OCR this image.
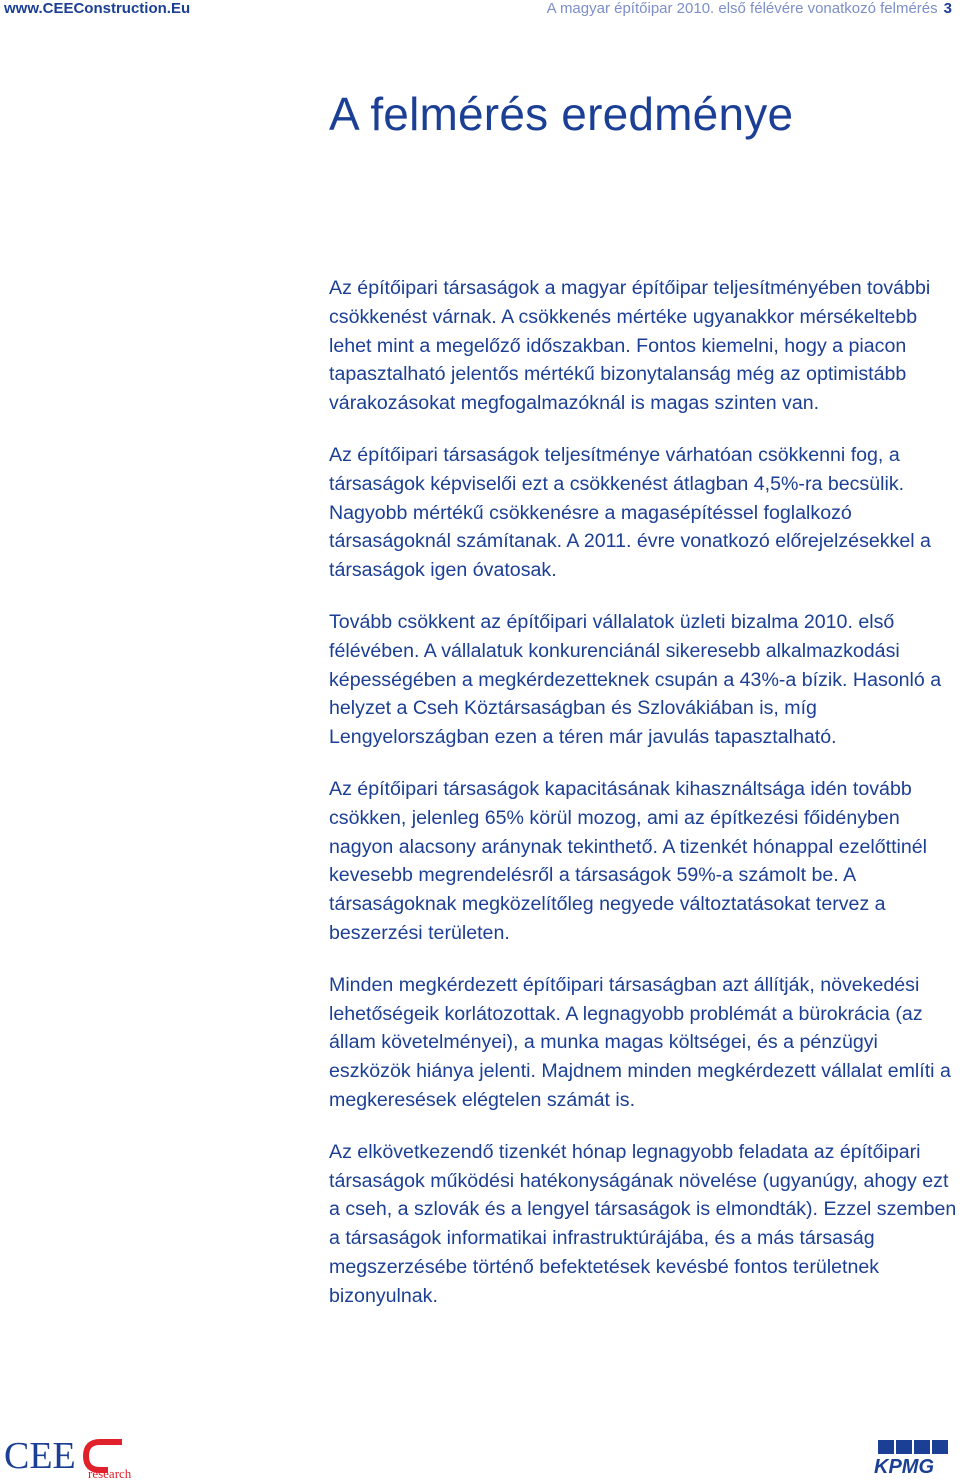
www.CEEConstruction.Eu	A magyar építőipar 2010. első félévére vonatkozó felmérés 3
A felmérés eredménye

Az építőipari társaságok a magyar építőipar teljesítményében további csökkenést várnak. A csökkenés mértéke ugyanakkor mérsékeltebb lehet mint a megelőző időszakban. Fontos kiemelni, hogy a piacon tapasztalható jelentős mértékű bizonytalanság még az optimistább várakozásokat megfogalmazóknál is magas szinten van.

Az építőipari társaságok teljesítménye várhatóan csökkenni fog, a társaságok képviselői ezt a csökkenést átlagban 4,5%-ra becsülik. Nagyobb mértékű csökkenésre a magasépítéssel foglalkozó társaságoknál számítanak. A 2011. évre vonatkozó előrejelzésekkel a társaságok igen óvatosak.

Tovább csökkent az építőipari vállalatok üzleti bizalma 2010. első félévében. A vállalatuk konkurenciánál sikeresebb alkalmazkodási képességében a megkérdezetteknek csupán a 43%-a bízik. Hasonló a helyzet a Cseh Köztársaságban és Szlovákiában is, míg Lengyelországban ezen a téren már javulás tapasztalható.

Az építőipari társaságok kapacitásának kihasználtsága idén tovább csökken, jelenleg 65% körül mozog, ami az építkezési főidényben nagyon alacsony aránynak tekinthető. A tizenkét hónappal ezelőttinél kevesebb megrendelésről a társaságok 59%-a számolt be. A társaságoknak megközelítőleg negyede változtatásokat tervez a beszerzési területen.

Minden megkérdezett építőipari társaságban azt állítják, növekedési lehetőségeik korlátozottak. A legnagyobb problémát a bürokrácia (az állam követelményei), a munka magas költségei, és a pénzügyi eszközök hiánya jelenti. Majdnem minden megkérdezett vállalat említi a megkeresések elégtelen számát is.

Az elkövetkezendő tizenkét hónap legnagyobb feladata az építőipari társaságok működési hatékonyságának növelése (ugyanúgy, ahogy ezt a cseh, a szlovák és a lengyel társaságok is elmondták). Ezzel szemben a társaságok informatikai infrastruktúrájába, és a más társaság megszerzésébe történő befektetések kevésbé fontos területnek bizonyulnak.

CEE research	KPMG
